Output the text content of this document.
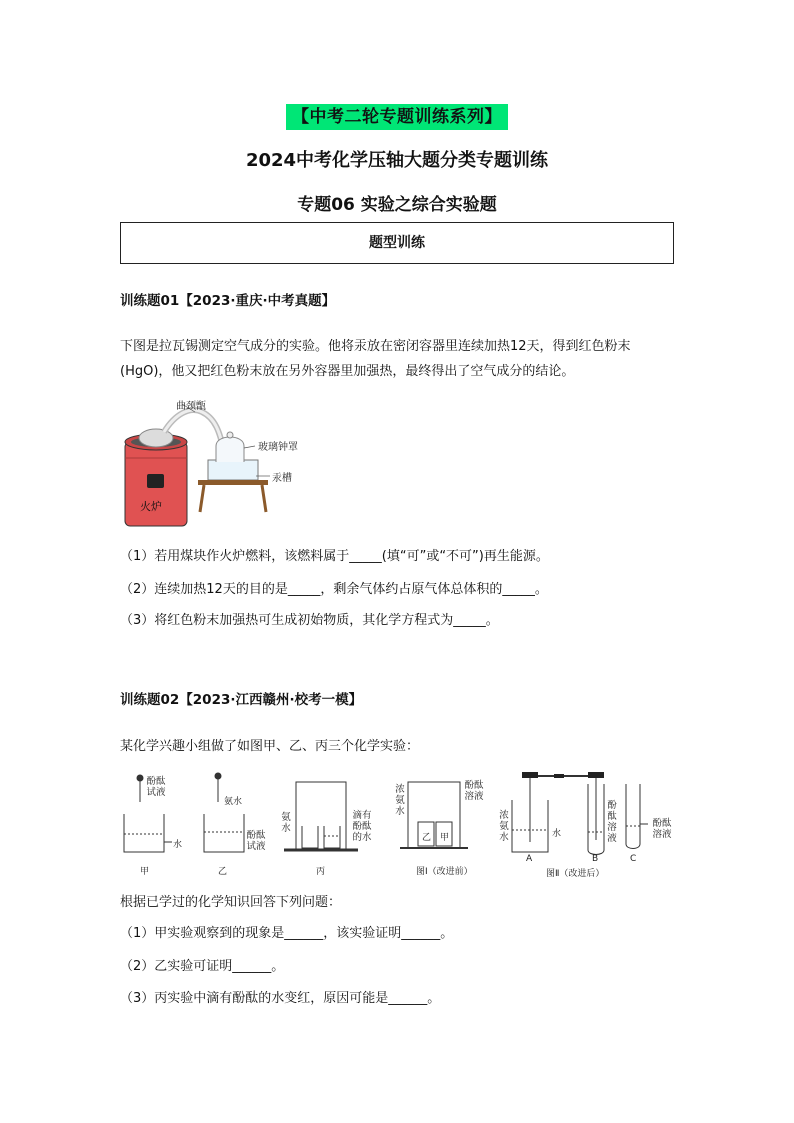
【中考二轮专题训练系列】
2024中考化学压轴大题分类专题训练
专题06 实验之综合实验题
题型训练
训练题01【2023·重庆·中考真题】
下图是拉瓦锡测定空气成分的实验。他将汞放在密闭容器里连续加热12天，得到红色粉末(HgO)，他又把红色粉末放在另外容器里加强热，最终得出了空气成分的结论。
曲颈甑
玻璃钟罩
汞槽
火炉
（1）若用煤块作火炉燃料，该燃料属于_____(填“可”或“不可”)再生能源。
（2）连续加热12天的目的是_____，剩余气体约占原气体总体积的_____。
（3）将红色粉末加强热可生成初始物质，其化学方程式为_____。
训练题02【2023·江西赣州·校考一模】
某化学兴趣小组做了如图甲、乙、丙三个化学实验：
酚酞试液
水
甲
氨水
酚酞试液
乙
氨水
滴有酚酞的水
丙
浓氨水
酚酞溶液
乙 甲
图Ⅰ（改进前）
浓氨水	水
酚酞溶液
酚酞溶液
A	B	C
图Ⅱ（改进后）
根据已学过的化学知识回答下列问题：
（1）甲实验观察到的现象是______，该实验证明______。
（2）乙实验可证明______。
（3）丙实验中滴有酚酞的水变红，原因可能是______。
